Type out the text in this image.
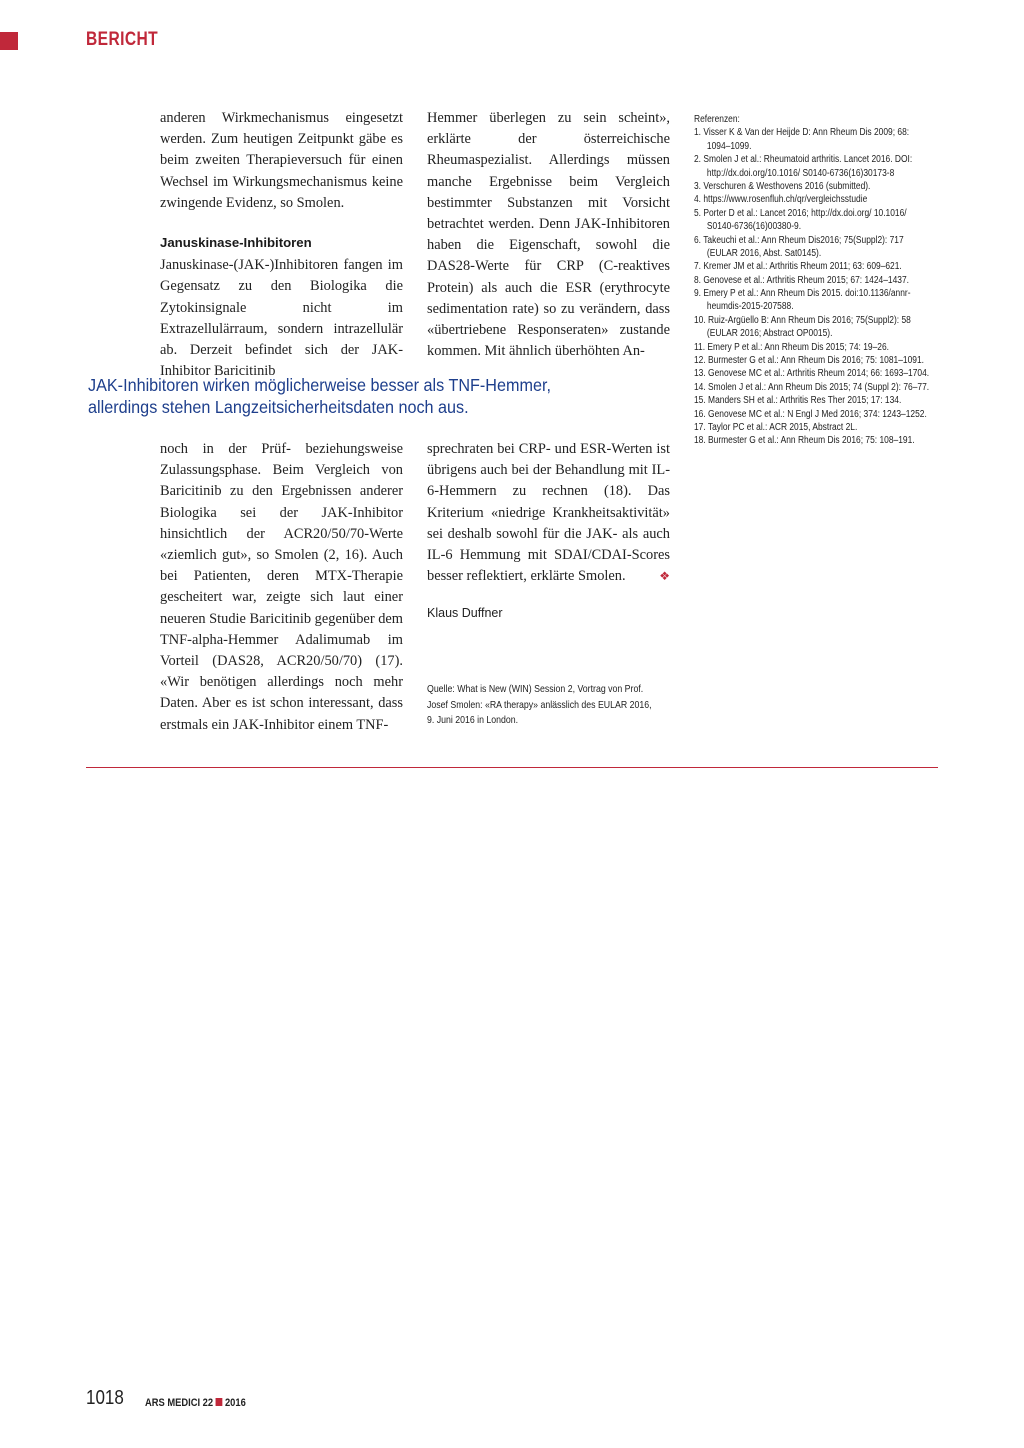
BERICHT

anderen Wirkmechanismus eingesetzt werden. Zum heutigen Zeitpunkt gäbe es beim zweiten Therapieversuch für einen Wechsel im Wirkungsmechanismus keine zwingende Evidenz, so Smolen.

Januskinase-Inhibitoren

Januskinase-(JAK-)Inhibitoren fangen im Gegensatz zu den Biologika die Zytokinsignale nicht im Extrazellulärraum, sondern intrazellulär ab. Derzeit befindet sich der JAK-Inhibitor Baricitinib

Hemmer überlegen zu sein scheint», erklärte der österreichische Rheumaspezialist. Allerdings müssen manche Ergebnisse beim Vergleich bestimmter Substanzen mit Vorsicht betrachtet werden. Denn JAK-Inhibitoren haben die Eigenschaft, sowohl die DAS28-Werte für CRP (C-reaktives Protein) als auch die ESR (erythrocyte sedimentation rate) so zu verändern, dass «übertriebene Responseraten» zustande kommen. Mit ähnlich überhöhten An-

JAK-Inhibitoren wirken möglicherweise besser als TNF-Hemmer,
allerdings stehen Langzeitsicherheitsdaten noch aus.

noch in der Prüf- beziehungsweise Zulassungsphase. Beim Vergleich von Baricitinib zu den Ergebnissen anderer Biologika sei der JAK-Inhibitor hinsichtlich der ACR20/50/70-Werte «ziemlich gut», so Smolen (2, 16). Auch bei Patienten, deren MTX-Therapie gescheitert war, zeigte sich laut einer neueren Studie Baricitinib gegenüber dem TNF-alpha-Hemmer Adalimumab im Vorteil (DAS28, ACR20/50/70) (17). «Wir benötigen allerdings noch mehr Daten. Aber es ist schon interessant, dass erstmals ein JAK-Inhibitor einem TNF-

sprechraten bei CRP- und ESR-Werten ist übrigens auch bei der Behandlung mit IL-6-Hemmern zu rechnen (18). Das Kriterium «niedrige Krankheitsaktivität» sei deshalb sowohl für die JAK- als auch IL-6 Hemmung mit SDAI/CDAI-Scores besser reflektiert, erklärte Smolen.	❖

Klaus Duffner
Quelle: What is New (WIN) Session 2, Vortrag von Prof.
Josef Smolen: «RA therapy» anlässlich des EULAR 2016,
9. Juni 2016 in London.
Referenzen:
1. Visser K & Van der Heijde D: Ann Rheum Dis 2009; 68:
1094–1099.
2. Smolen J et al.: Rheumatoid arthritis. Lancet 2016. DOI:
http://dx.doi.org/10.1016/ S0140-6736(16)30173-8
3. Verschuren & Westhovens 2016 (submitted).
4. https://www.rosenfluh.ch/qr/vergleichsstudie
5. Porter D et al.: Lancet 2016; http://dx.doi.org/ 10.1016/
S0140-6736(16)00380-9.
6. Takeuchi et al.: Ann Rheum Dis2016; 75(Suppl2): 717
(EULAR 2016, Abst. Sat0145).
7. Kremer JM et al.: Arthritis Rheum 2011; 63: 609–621.
8. Genovese et al.: Arthritis Rheum 2015; 67: 1424–1437.
9. Emery P et al.: Ann Rheum Dis 2015. doi:10.1136/annr-
heumdis-2015-207588.
10. Ruiz-Argüello B: Ann Rheum Dis 2016; 75(Suppl2): 58
(EULAR 2016; Abstract OP0015).
11. Emery P et al.: Ann Rheum Dis 2015; 74: 19–26.
12. Burmester G et al.: Ann Rheum Dis 2016; 75: 1081–1091.
13. Genovese MC et al.: Arthritis Rheum 2014; 66: 1693–1704.
14. Smolen J et al.: Ann Rheum Dis 2015; 74 (Suppl 2): 76–77.
15. Manders SH et al.: Arthritis Res Ther 2015; 17: 134.
16. Genovese MC et al.: N Engl J Med 2016; 374: 1243–1252.
17. Taylor PC et al.: ACR 2015, Abstract 2L.
18. Burmester G et al.: Ann Rheum Dis 2016; 75: 108–191.
1018 ARS MEDICI 22 2016
